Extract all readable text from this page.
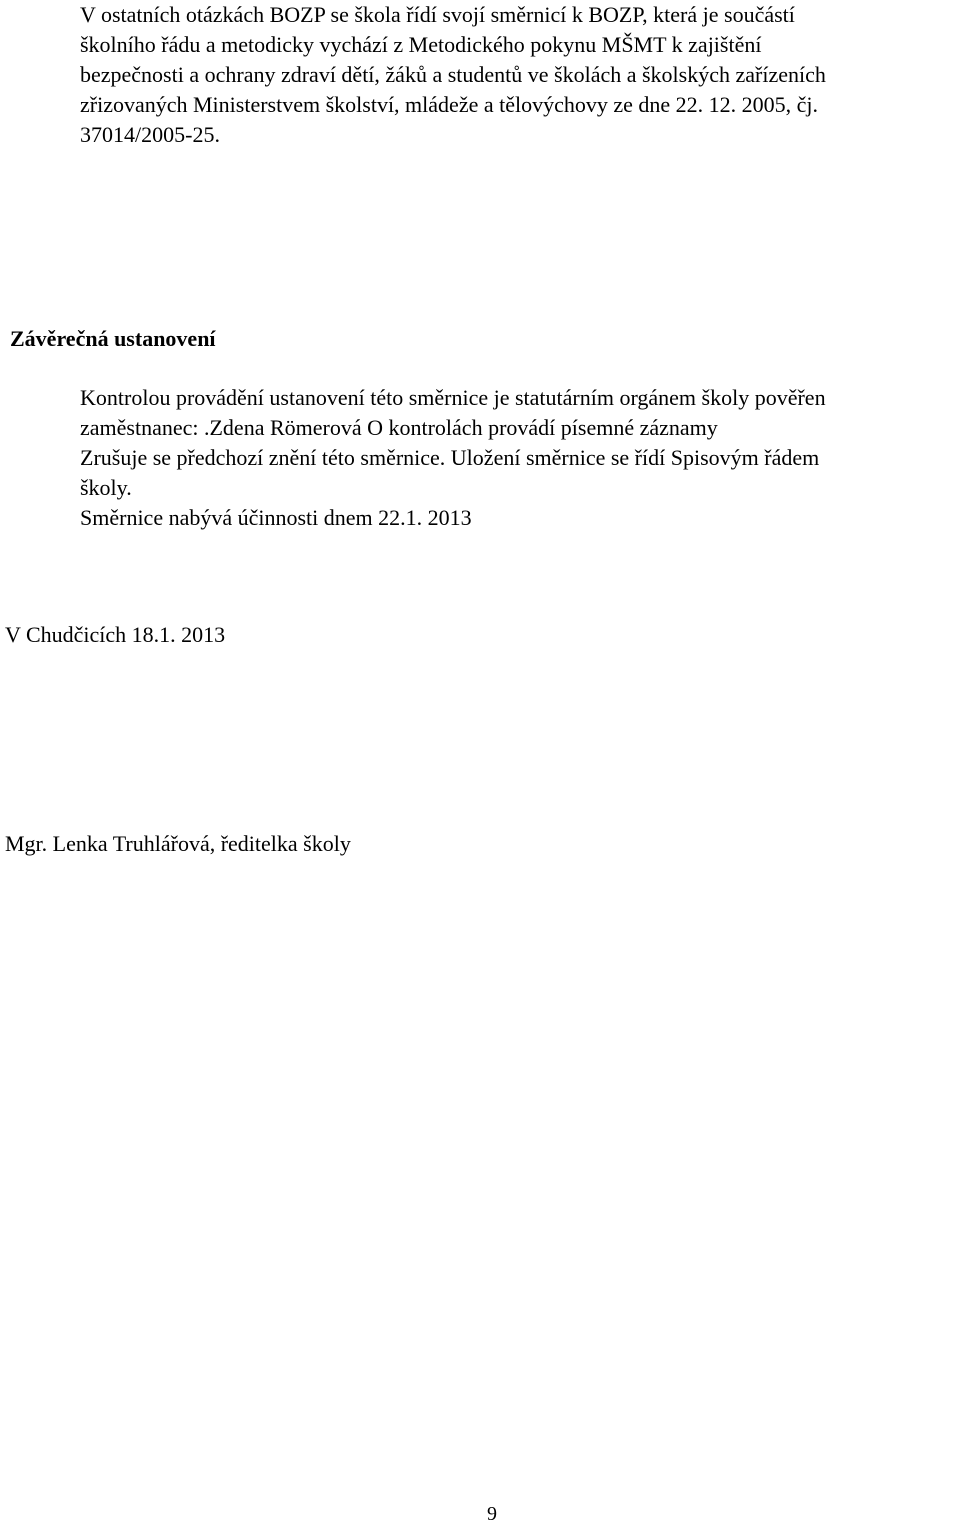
V ostatních otázkách BOZP se škola řídí svojí směrnicí k BOZP, která je součástí
školního řádu a metodicky vychází z Metodického pokynu MŠMT k zajištění
bezpečnosti a ochrany zdraví dětí, žáků a studentů ve školách a školských zařízeních
zřizovaných Ministerstvem školství, mládeže a tělovýchovy ze dne 22. 12. 2005, čj.
37014/2005-25.
Závěrečná ustanovení
Kontrolou provádění ustanovení této směrnice je statutárním orgánem školy pověřen
zaměstnanec: .Zdena Römerová O kontrolách provádí písemné záznamy
Zrušuje se předchozí znění této směrnice. Uložení směrnice se řídí Spisovým řádem
školy.
Směrnice nabývá účinnosti dnem 22.1. 2013
V Chudčicích 18.1. 2013
Mgr. Lenka Truhlářová, ředitelka školy
9
